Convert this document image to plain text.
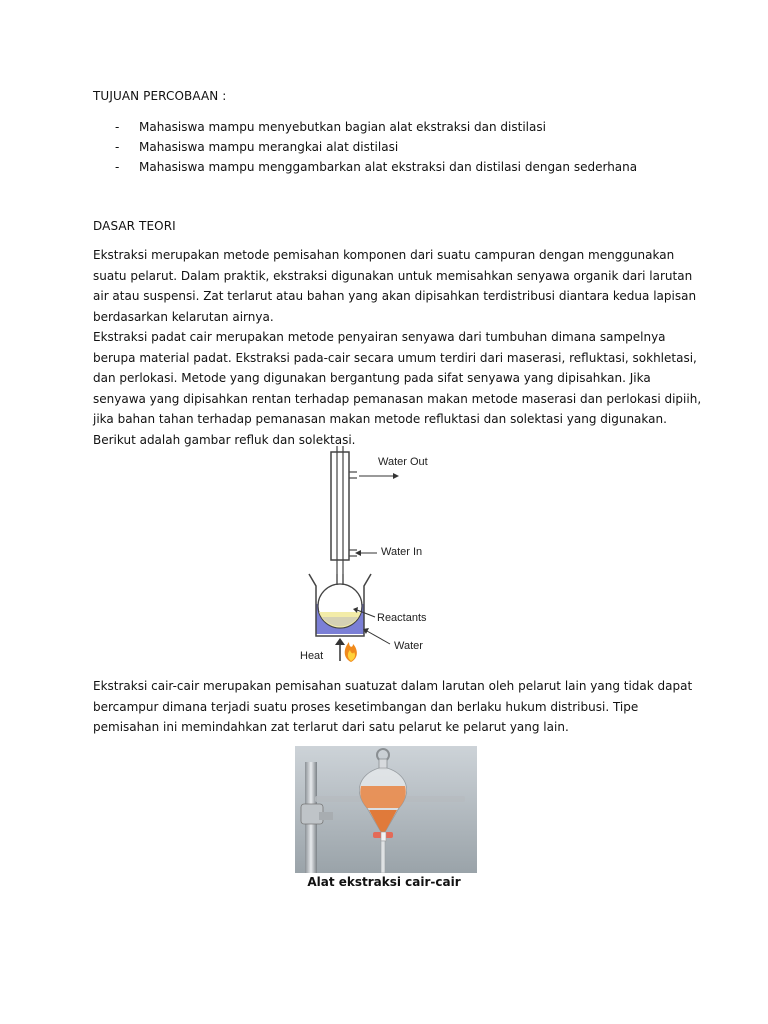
TUJUAN PERCOBAAN :
- Mahasiswa mampu menyebutkan bagian alat ekstraksi dan distilasi
- Mahasiswa mampu merangkai alat distilasi
- Mahasiswa mampu menggambarkan alat ekstraksi dan distilasi dengan sederhana
DASAR TEORI

Ekstraksi merupakan metode pemisahan komponen dari suatu campuran dengan menggunakan
suatu pelarut. Dalam praktik, ekstraksi digunakan untuk memisahkan senyawa organik dari larutan
air atau suspensi. Zat terlarut atau bahan yang akan dipisahkan terdistribusi diantara kedua lapisan
berdasarkan kelarutan airnya.

Ekstraksi padat cair merupakan metode penyairan senyawa dari tumbuhan dimana sampelnya
berupa material padat. Ekstraksi pada-cair secara umum terdiri dari maserasi, refluktasi, sokhletasi,
dan perlokasi. Metode yang digunakan bergantung pada sifat senyawa yang dipisahkan. Jika
senyawa yang dipisahkan rentan terhadap pemanasan makan metode maserasi dan perlokasi dipiih,
jika bahan tahan terhadap pemanasan makan metode refluktasi dan solektasi yang digunakan.
Berikut adalah gambar refluk dan solektasi.

Water Out
Water In
Reactants
Water
Heat

Ekstraksi cair-cair merupakan pemisahan suatuzat dalam larutan oleh pelarut lain yang tidak dapat
bercampur dimana terjadi suatu proses kesetimbangan dan berlaku hukum distribusi. Tipe
pemisahan ini memindahkan zat terlarut dari satu pelarut ke pelarut yang lain.

Alat ekstraksi cair-cair
